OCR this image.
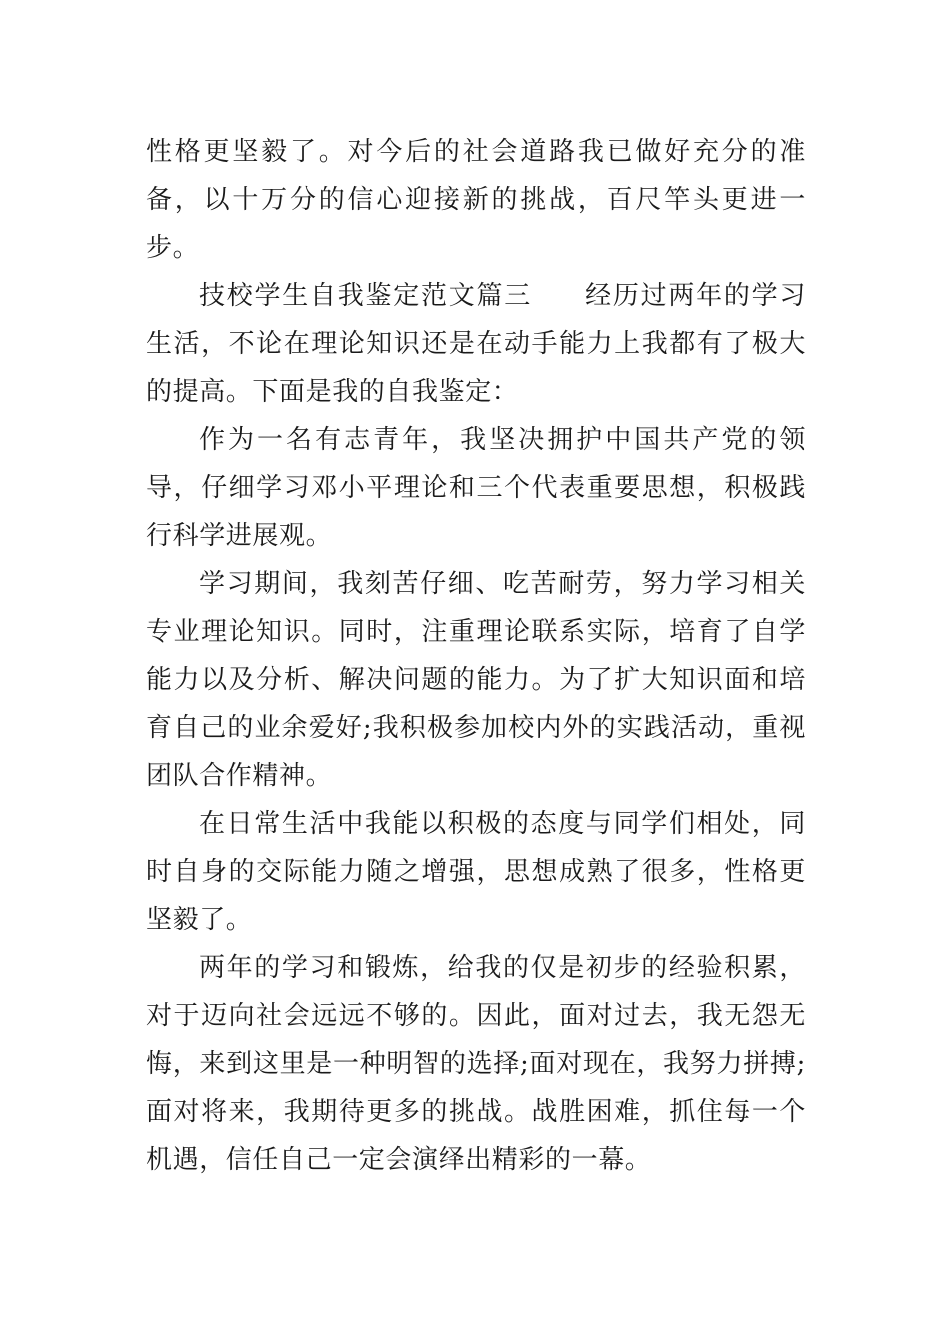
性格更坚毅了。对今后的社会道路我已做好充分的准备，以十万分的信心迎接新的挑战，百尺竿头更进一步。

技校学生自我鉴定范文篇三 经历过两年的学习生活，不论在理论知识还是在动手能力上我都有了极大的提高。下面是我的自我鉴定：

作为一名有志青年，我坚决拥护中国共产党的领导，仔细学习邓小平理论和三个代表重要思想，积极践行科学进展观。

学习期间，我刻苦仔细、吃苦耐劳，努力学习相关专业理论知识。同时，注重理论联系实际，培育了自学能力以及分析、解决问题的能力。为了扩大知识面和培育自己的业余爱好;我积极参加校内外的实践活动，重视团队合作精神。

在日常生活中我能以积极的态度与同学们相处，同时自身的交际能力随之增强，思想成熟了很多，性格更坚毅了。

两年的学习和锻炼，给我的仅是初步的经验积累，对于迈向社会远远不够的。因此，面对过去，我无怨无悔，来到这里是一种明智的选择;面对现在，我努力拼搏;面对将来，我期待更多的挑战。战胜困难，抓住每一个机遇，信任自己一定会演绎出精彩的一幕。
